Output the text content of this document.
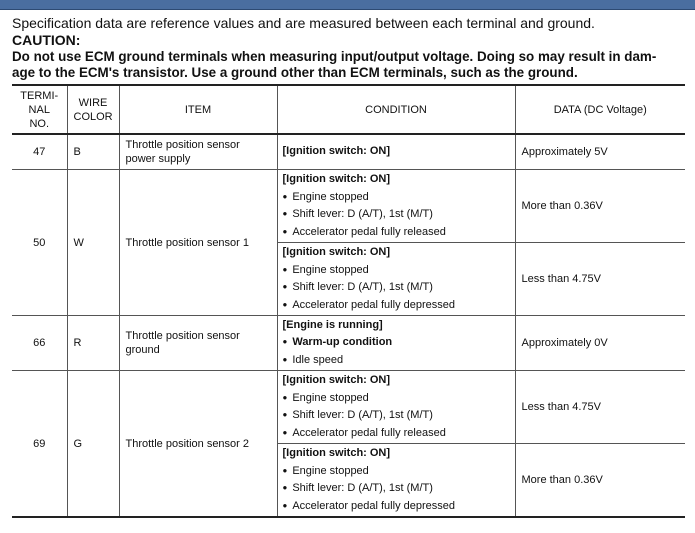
Specification data are reference values and are measured between each terminal and ground.

CAUTION:

Do not use ECM ground terminals when measuring input/output voltage. Doing so may result in dam-

age to the ECM's transistor. Use a ground other than ECM terminals, such as the ground.

TERMI-
NAL
NO.	WIRE
COLOR	ITEM	CONDITION	DATA (DC Voltage)
47	B	Throttle position sensor power supply	[Ignition switch: ON]	Approximately 5V
50	W	Throttle position sensor 1	[Ignition switch: ON]
● Engine stopped
● Shift lever: D (A/T), 1st (M/T)
● Accelerator pedal fully released	More than 0.36V

			[Ignition switch: ON]
● Engine stopped
● Shift lever: D (A/T), 1st (M/T)
● Accelerator pedal fully depressed	Less than 4.75V
66	R	Throttle position sensor ground	[Engine is running]
● Warm-up condition
● Idle speed	Approximately 0V
69	G	Throttle position sensor 2	[Ignition switch: ON]
● Engine stopped
● Shift lever: D (A/T), 1st (M/T)
● Accelerator pedal fully released	Less than 4.75V

			[Ignition switch: ON]
● Engine stopped
● Shift lever: D (A/T), 1st (M/T)
● Accelerator pedal fully depressed	More than 0.36V
